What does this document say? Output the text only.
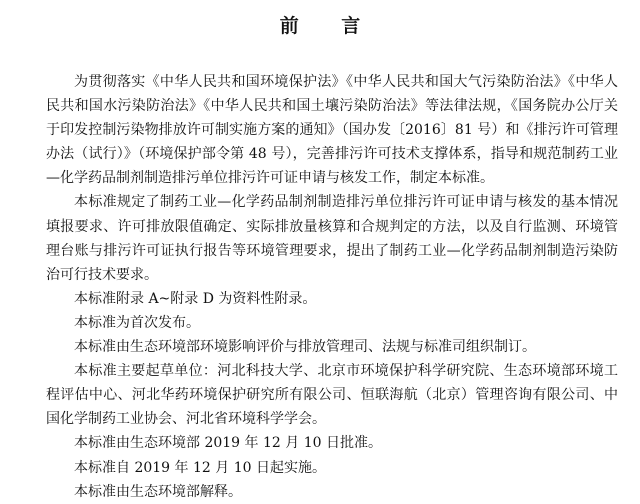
前 言

为贯彻落实《中华人民共和国环境保护法》《中华人民共和国大气污染防治法》《中华人民共和国水污染防治法》《中华人民共和国土壤污染防治法》等法律法规，《国务院办公厅关于印发控制污染物排放许可制实施方案的通知》（国办发〔2016〕81 号）和《排污许可管理办法（试行）》（环境保护部令第 48 号），完善排污许可技术支撑体系，指导和规范制药工业—化学药品制剂制造排污单位排污许可证申请与核发工作，制定本标准。

本标准规定了制药工业—化学药品制剂制造排污单位排污许可证申请与核发的基本情况填报要求、许可排放限值确定、实际排放量核算和合规判定的方法，以及自行监测、环境管理台账与排污许可证执行报告等环境管理要求，提出了制药工业—化学药品制剂制造污染防治可行技术要求。

本标准附录 A~附录 D 为资料性附录。

本标准为首次发布。

本标准由生态环境部环境影响评价与排放管理司、法规与标准司组织制订。

本标准主要起草单位：河北科技大学、北京市环境保护科学研究院、生态环境部环境工程评估中心、河北华药环境保护研究所有限公司、恒联海航（北京）管理咨询有限公司、中国化学制药工业协会、河北省环境科学学会。

本标准由生态环境部 2019 年 12 月 10 日批准。

本标准自 2019 年 12 月 10 日起实施。

本标准由生态环境部解释。
